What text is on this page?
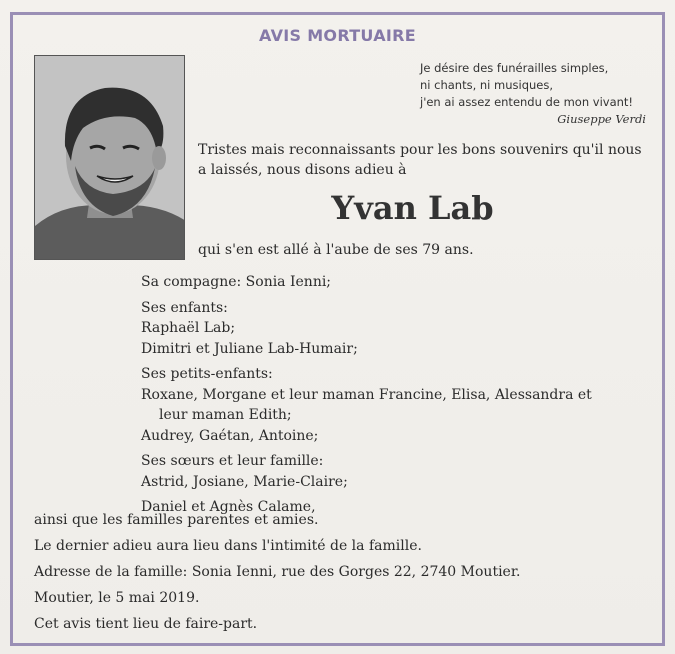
AVIS MORTUAIRE
Je désire des funérailles simples,
ni chants, ni musiques,
j'en ai assez entendu de mon vivant!
Giuseppe Verdi
Tristes mais reconnaissants pour les bons souvenirs qu'il nous a laissés, nous disons adieu à
Yvan Lab
qui s'en est allé à l'aube de ses 79 ans.
Sa compagne: Sonia Ienni;
Ses enfants:
Raphaël Lab;
Dimitri et Juliane Lab-Humair;
Ses petits-enfants:
Roxane, Morgane et leur maman Francine, Elisa, Alessandra et
leur maman Edith;
Audrey, Gaétan, Antoine;
Ses sœurs et leur famille:
Astrid, Josiane, Marie-Claire;
Daniel et Agnès Calame,
ainsi que les familles parentes et amies.
Le dernier adieu aura lieu dans l'intimité de la famille.
Adresse de la famille: Sonia Ienni, rue des Gorges 22, 2740 Moutier.
Moutier, le 5 mai 2019.
Cet avis tient lieu de faire-part.
